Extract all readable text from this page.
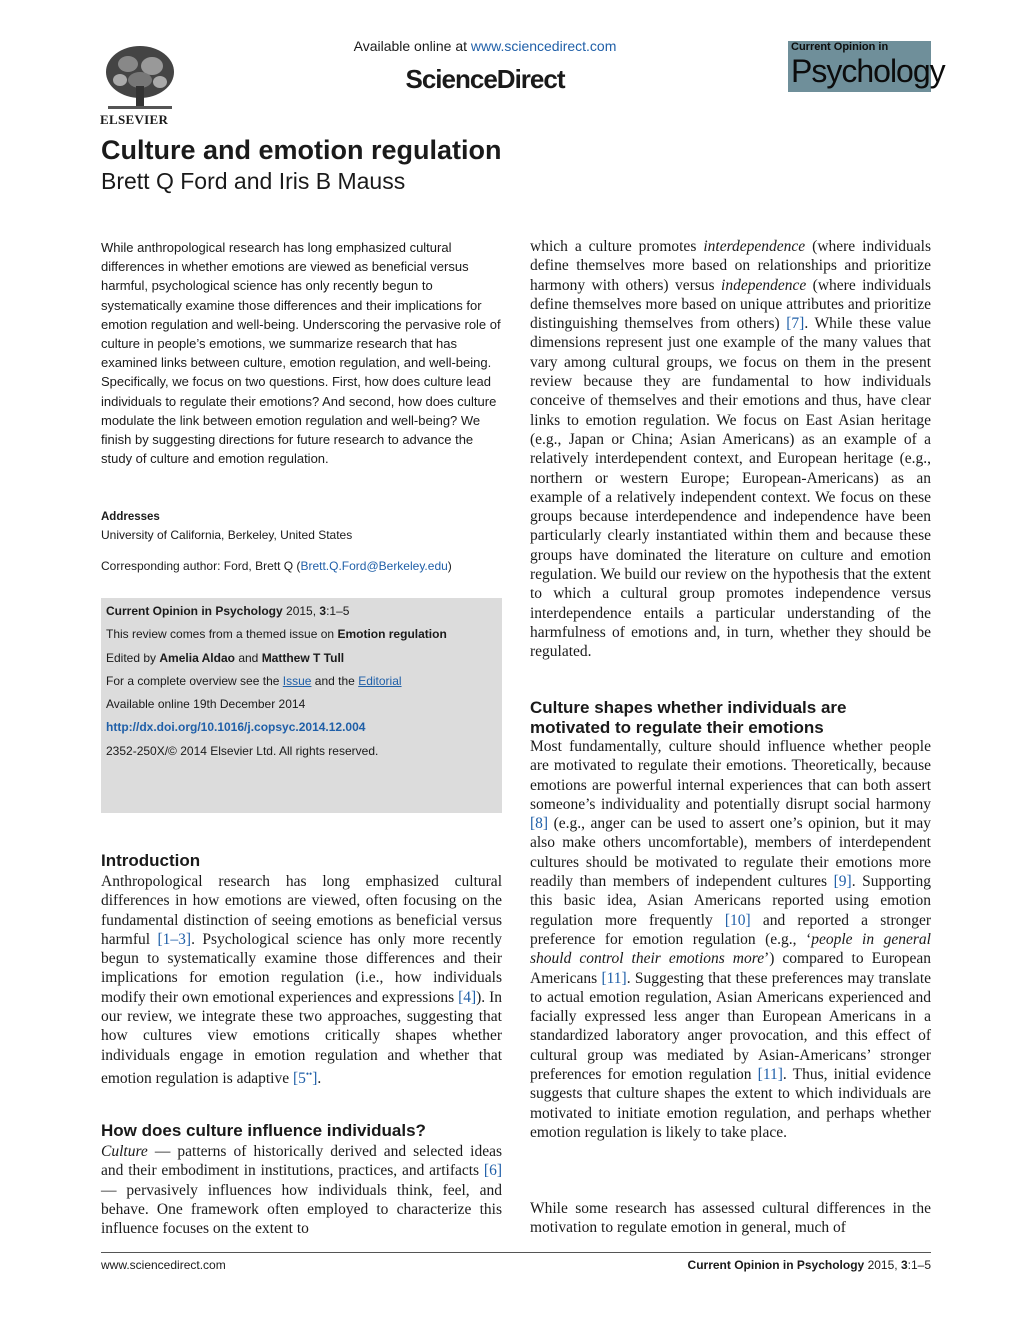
ELSEVIER
Available online at www.sciencedirect.com
ScienceDirect
Current Opinion in
Psychology
Culture and emotion regulation
Brett Q Ford and Iris B Mauss
While anthropological research has long emphasized cultural differences in whether emotions are viewed as beneficial versus harmful, psychological science has only recently begun to systematically examine those differences and their implications for emotion regulation and well-being. Underscoring the pervasive role of culture in people’s emotions, we summarize research that has examined links between culture, emotion regulation, and well-being. Specifically, we focus on two questions. First, how does culture lead individuals to regulate their emotions? And second, how does culture modulate the link between emotion regulation and well-being? We finish by suggesting directions for future research to advance the study of culture and emotion regulation.
Addresses
University of California, Berkeley, United States
Corresponding author: Ford, Brett Q (Brett.Q.Ford@Berkeley.edu)
Current Opinion in Psychology 2015, 3:1–5
This review comes from a themed issue on Emotion regulation
Edited by Amelia Aldao and Matthew T Tull
For a complete overview see the Issue and the Editorial
Available online 19th December 2014
http://dx.doi.org/10.1016/j.copsyc.2014.12.004
2352-250X/© 2014 Elsevier Ltd. All rights reserved.
Introduction
Anthropological research has long emphasized cultural differences in how emotions are viewed, often focusing on the fundamental distinction of seeing emotions as beneficial versus harmful [1–3]. Psychological science has only more recently begun to systematically examine those differences and their implications for emotion regulation (i.e., how individuals modify their own emotional experiences and expressions [4]). In our review, we integrate these two approaches, suggesting that how cultures view emotions critically shapes whether individuals engage in emotion regulation and whether that emotion regulation is adaptive [5••].
How does culture influence individuals?
Culture — patterns of historically derived and selected ideas and their embodiment in institutions, practices, and artifacts [6] — pervasively influences how individuals think, feel, and behave. One framework often employed to characterize this influence focuses on the extent to
which a culture promotes interdependence (where individuals define themselves more based on relationships and prioritize harmony with others) versus independence (where individuals define themselves more based on unique attributes and prioritize distinguishing themselves from others) [7]. While these value dimensions represent just one example of the many values that vary among cultural groups, we focus on them in the present review because they are fundamental to how individuals conceive of themselves and their emotions and thus, have clear links to emotion regulation. We focus on East Asian heritage (e.g., Japan or China; Asian Americans) as an example of a relatively interdependent context, and European heritage (e.g., northern or western Europe; European-Americans) as an example of a relatively independent context. We focus on these groups because interdependence and independence have been particularly clearly instantiated within them and because these groups have dominated the literature on culture and emotion regulation. We build our review on the hypothesis that the extent to which a cultural group promotes independence versus interdependence entails a particular understanding of the harmfulness of emotions and, in turn, whether they should be regulated.
Culture shapes whether individuals are motivated to regulate their emotions
Most fundamentally, culture should influence whether people are motivated to regulate their emotions. Theoretically, because emotions are powerful internal experiences that can both assert someone’s individuality and potentially disrupt social harmony [8] (e.g., anger can be used to assert one’s opinion, but it may also make others uncomfortable), members of interdependent cultures should be motivated to regulate their emotions more readily than members of independent cultures [9]. Supporting this basic idea, Asian Americans reported using emotion regulation more frequently [10] and reported a stronger preference for emotion regulation (e.g., ‘people in general should control their emotions more’) compared to European Americans [11]. Suggesting that these preferences may translate to actual emotion regulation, Asian Americans experienced and facially expressed less anger than European Americans in a standardized laboratory anger provocation, and this effect of cultural group was mediated by Asian-Americans’ stronger preferences for emotion regulation [11]. Thus, initial evidence suggests that culture shapes the extent to which individuals are motivated to initiate emotion regulation, and perhaps whether emotion regulation is likely to take place.
While some research has assessed cultural differences in the motivation to regulate emotion in general, much of
www.sciencedirect.com	Current Opinion in Psychology 2015, 3:1–5
